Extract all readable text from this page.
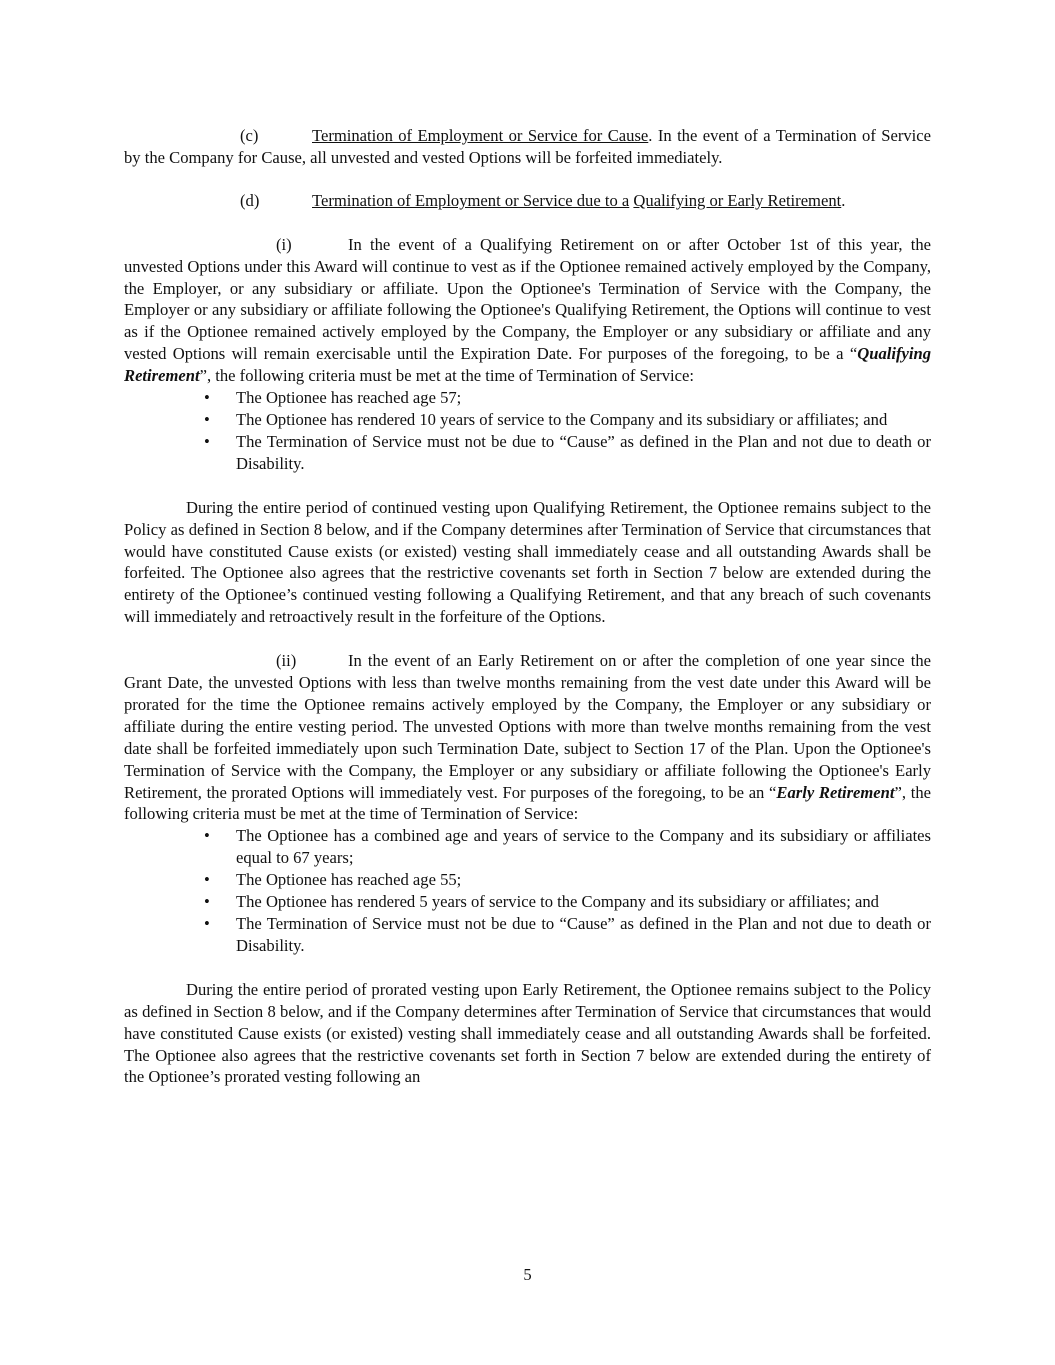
(c)	Termination of Employment or Service for Cause. In the event of a Termination of Service by the Company for Cause, all unvested and vested Options will be forfeited immediately.

(d)	Termination of Employment or Service due to a Qualifying or Early Retirement.

(i)	In the event of a Qualifying Retirement on or after October 1st of this year, the unvested Options under this Award will continue to vest as if the Optionee remained actively employed by the Company, the Employer, or any subsidiary or affiliate. Upon the Optionee's Termination of Service with the Company, the Employer or any subsidiary or affiliate following the Optionee's Qualifying Retirement, the Options will continue to vest as if the Optionee remained actively employed by the Company, the Employer or any subsidiary or affiliate and any vested Options will remain exercisable until the Expiration Date. For purposes of the foregoing, to be a “Qualifying Retirement”, the following criteria must be met at the time of Termination of Service:

• The Optionee has reached age 57;
• The Optionee has rendered 10 years of service to the Company and its subsidiary or affiliates; and
• The Termination of Service must not be due to “Cause” as defined in the Plan and not due to death or Disability.

During the entire period of continued vesting upon Qualifying Retirement, the Optionee remains subject to the Policy as defined in Section 8 below, and if the Company determines after Termination of Service that circumstances that would have constituted Cause exists (or existed) vesting shall immediately cease and all outstanding Awards shall be forfeited. The Optionee also agrees that the restrictive covenants set forth in Section 7 below are extended during the entirety of the Optionee’s continued vesting following a Qualifying Retirement, and that any breach of such covenants will immediately and retroactively result in the forfeiture of the Options.

(ii)	In the event of an Early Retirement on or after the completion of one year since the Grant Date, the unvested Options with less than twelve months remaining from the vest date under this Award will be prorated for the time the Optionee remains actively employed by the Company, the Employer or any subsidiary or affiliate during the entire vesting period. The unvested Options with more than twelve months remaining from the vest date shall be forfeited immediately upon such Termination Date, subject to Section 17 of the Plan. Upon the Optionee's Termination of Service with the Company, the Employer or any subsidiary or affiliate following the Optionee's Early Retirement, the prorated Options will immediately vest. For purposes of the foregoing, to be an “Early Retirement”, the following criteria must be met at the time of Termination of Service:

• The Optionee has a combined age and years of service to the Company and its subsidiary or affiliates equal to 67 years;
• The Optionee has reached age 55;
• The Optionee has rendered 5 years of service to the Company and its subsidiary or affiliates; and
• The Termination of Service must not be due to “Cause” as defined in the Plan and not due to death or Disability.

During the entire period of prorated vesting upon Early Retirement, the Optionee remains subject to the Policy as defined in Section 8 below, and if the Company determines after Termination of Service that circumstances that would have constituted Cause exists (or existed) vesting shall immediately cease and all outstanding Awards shall be forfeited. The Optionee also agrees that the restrictive covenants set forth in Section 7 below are extended during the entirety of the Optionee’s prorated vesting following an

5
